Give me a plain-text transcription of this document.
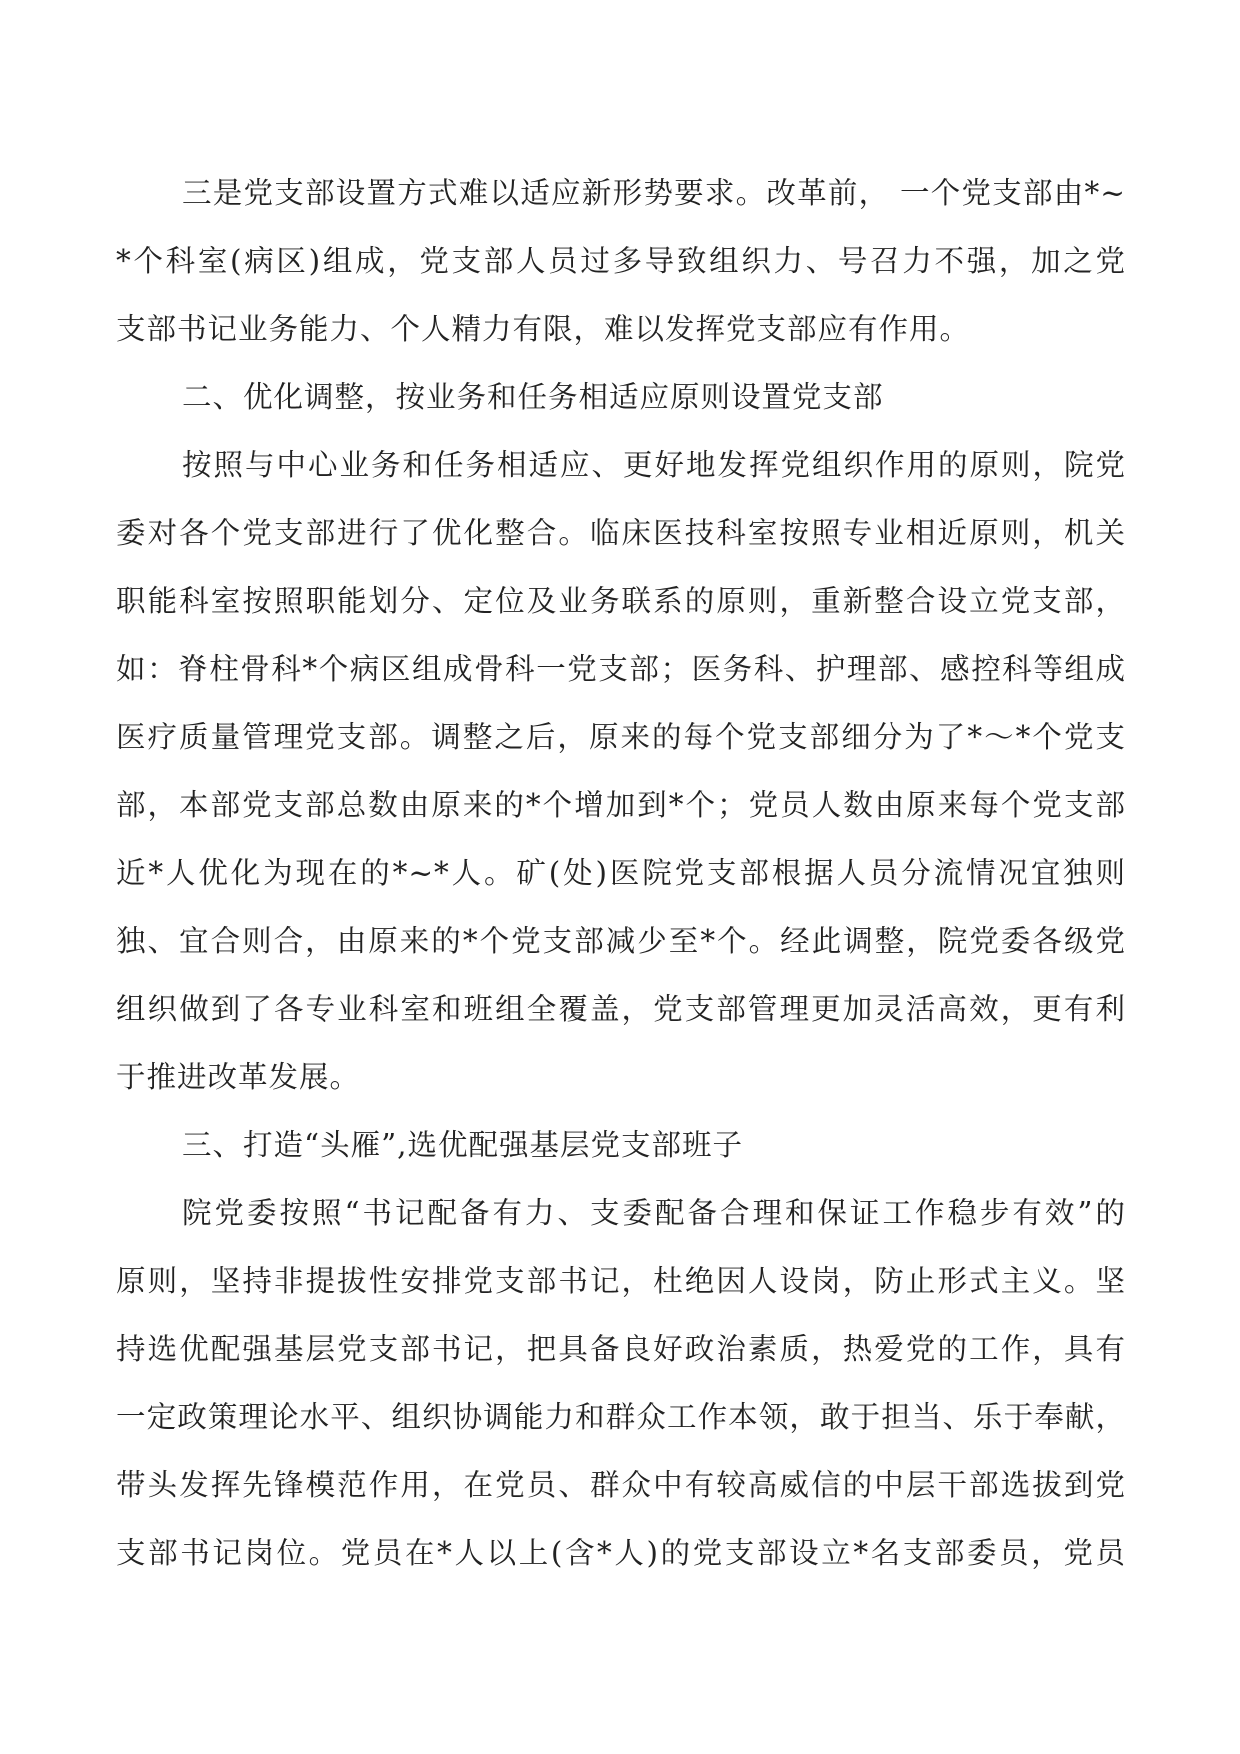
三是党支部设置方式难以适应新形势要求。改革前， 一个党支部由*~
*个科室(病区)组成，党支部人员过多导致组织力、号召力不强，加之党
支部书记业务能力、个人精力有限，难以发挥党支部应有作用。
二、优化调整，按业务和任务相适应原则设置党支部
按照与中心业务和任务相适应、更好地发挥党组织作用的原则，院党
委对各个党支部进行了优化整合。临床医技科室按照专业相近原则，机关
职能科室按照职能划分、定位及业务联系的原则，重新整合设立党支部，
如：脊柱骨科*个病区组成骨科一党支部；医务科、护理部、感控科等组成
医疗质量管理党支部。调整之后，原来的每个党支部细分为了*～*个党支
部，本部党支部总数由原来的*个增加到*个；党员人数由原来每个党支部
近*人优化为现在的*~*人。矿(处)医院党支部根据人员分流情况宜独则
独、宜合则合，由原来的*个党支部减少至*个。经此调整，院党委各级党
组织做到了各专业科室和班组全覆盖，党支部管理更加灵活高效，更有利
于推进改革发展。
三、打造“头雁”,选优配强基层党支部班子
院党委按照“书记配备有力、支委配备合理和保证工作稳步有效”的
原则，坚持非提拔性安排党支部书记，杜绝因人设岗，防止形式主义。坚
持选优配强基层党支部书记，把具备良好政治素质，热爱党的工作，具有
一定政策理论水平、组织协调能力和群众工作本领，敢于担当、乐于奉献，
带头发挥先锋模范作用，在党员、群众中有较高威信的中层干部选拔到党
支部书记岗位。党员在*人以上(含*人)的党支部设立*名支部委员，党员
